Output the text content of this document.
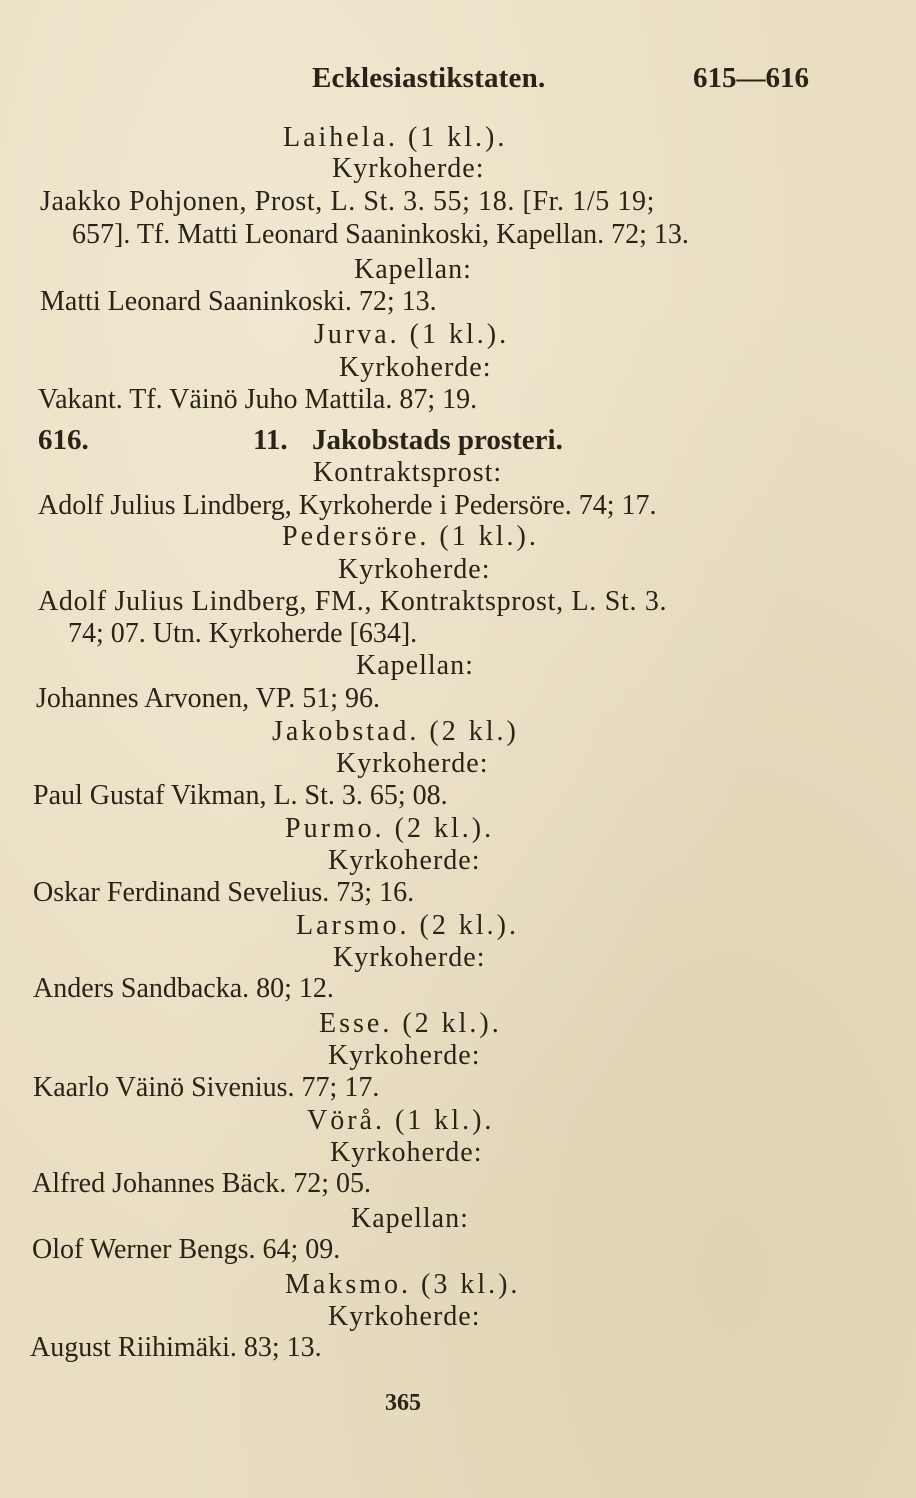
Ecklesiastikstaten.	615—616
Laihela. (1 kl.).
Kyrkoherde:
Jaakko Pohjonen, Prost, L. St. 3. 55; 18. [Fr. 1/5 19;
657]. Tf. Matti Leonard Saaninkoski, Kapellan. 72; 13.
Kapellan:
Matti Leonard Saaninkoski. 72; 13.
Jurva. (1 kl.).
Kyrkoherde:
Vakant. Tf. Väinö Juho Mattila. 87; 19.
616.	11. Jakobstads prosteri.
Kontraktsprost:
Adolf Julius Lindberg, Kyrkoherde i Pedersöre. 74; 17.
Pedersöre. (1 kl.).
Kyrkoherde:
Adolf Julius Lindberg, FM., Kontraktsprost, L. St. 3.
74; 07. Utn. Kyrkoherde [634].
Kapellan:
Johannes Arvonen, VP. 51; 96.
Jakobstad. (2 kl.)
Kyrkoherde:
Paul Gustaf Vikman, L. St. 3. 65; 08.
Purmo. (2 kl.).
Kyrkoherde:
Oskar Ferdinand Sevelius. 73; 16.
Larsmo. (2 kl.).
Kyrkoherde:
Anders Sandbacka. 80; 12.
Esse. (2 kl.).
Kyrkoherde:
Kaarlo Väinö Sivenius. 77; 17.
Vörå. (1 kl.).
Kyrkoherde:
Alfred Johannes Bäck. 72; 05.
Kapellan:
Olof Werner Bengs. 64; 09.
Maksmo. (3 kl.).
Kyrkoherde:
August Riihimäki. 83; 13.
365
